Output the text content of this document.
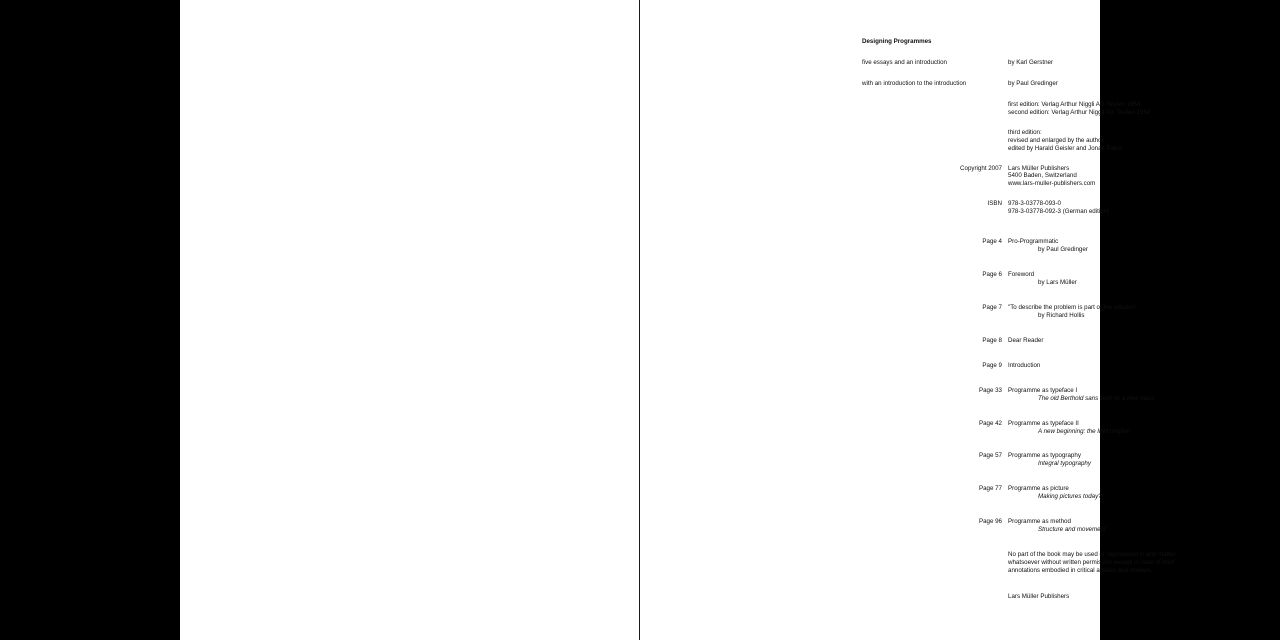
Designing Programmes
five essays and an introduction	by Karl Gerstner
with an introduction to the introduction	by Paul Gredinger
first edition: Verlag Arthur Niggli AG Teufen 1964
second edition: Verlag Arthur Niggli AG Teufen 1968
third edition:
revised and enlarged by the author
edited by Harald Geisler and Jonas Pabst
Copyright 2007 Lars Müller Publishers
5400 Baden, Switzerland
www.lars-muller-publishers.com
ISBN 978-3-03778-093-0
978-3-03778-092-3 (German edition)
Page 4 Pro-Programmatic
by Paul Gredinger
Page 6 Foreword
by Lars Müller
Page 7 "To describe the problem is part of the solution"
by Richard Hollis
Page 8 Dear Reader
Page 9 Introduction
Page 33 Programme as typeface I
The old Berthold sans serif on a new basis
Page 42 Programme as typeface II
A new beginning: the IBM original
Page 57 Programme as typography
Integral typography
Page 77 Programme as picture
Making pictures today?
Page 96 Programme as method
Structure and movement
No part of the book may be used or reproduced in any matter
whatsoever without written permission except in case of brief
annotations embodied in critical articles and reviews.
Lars Müller Publishers
